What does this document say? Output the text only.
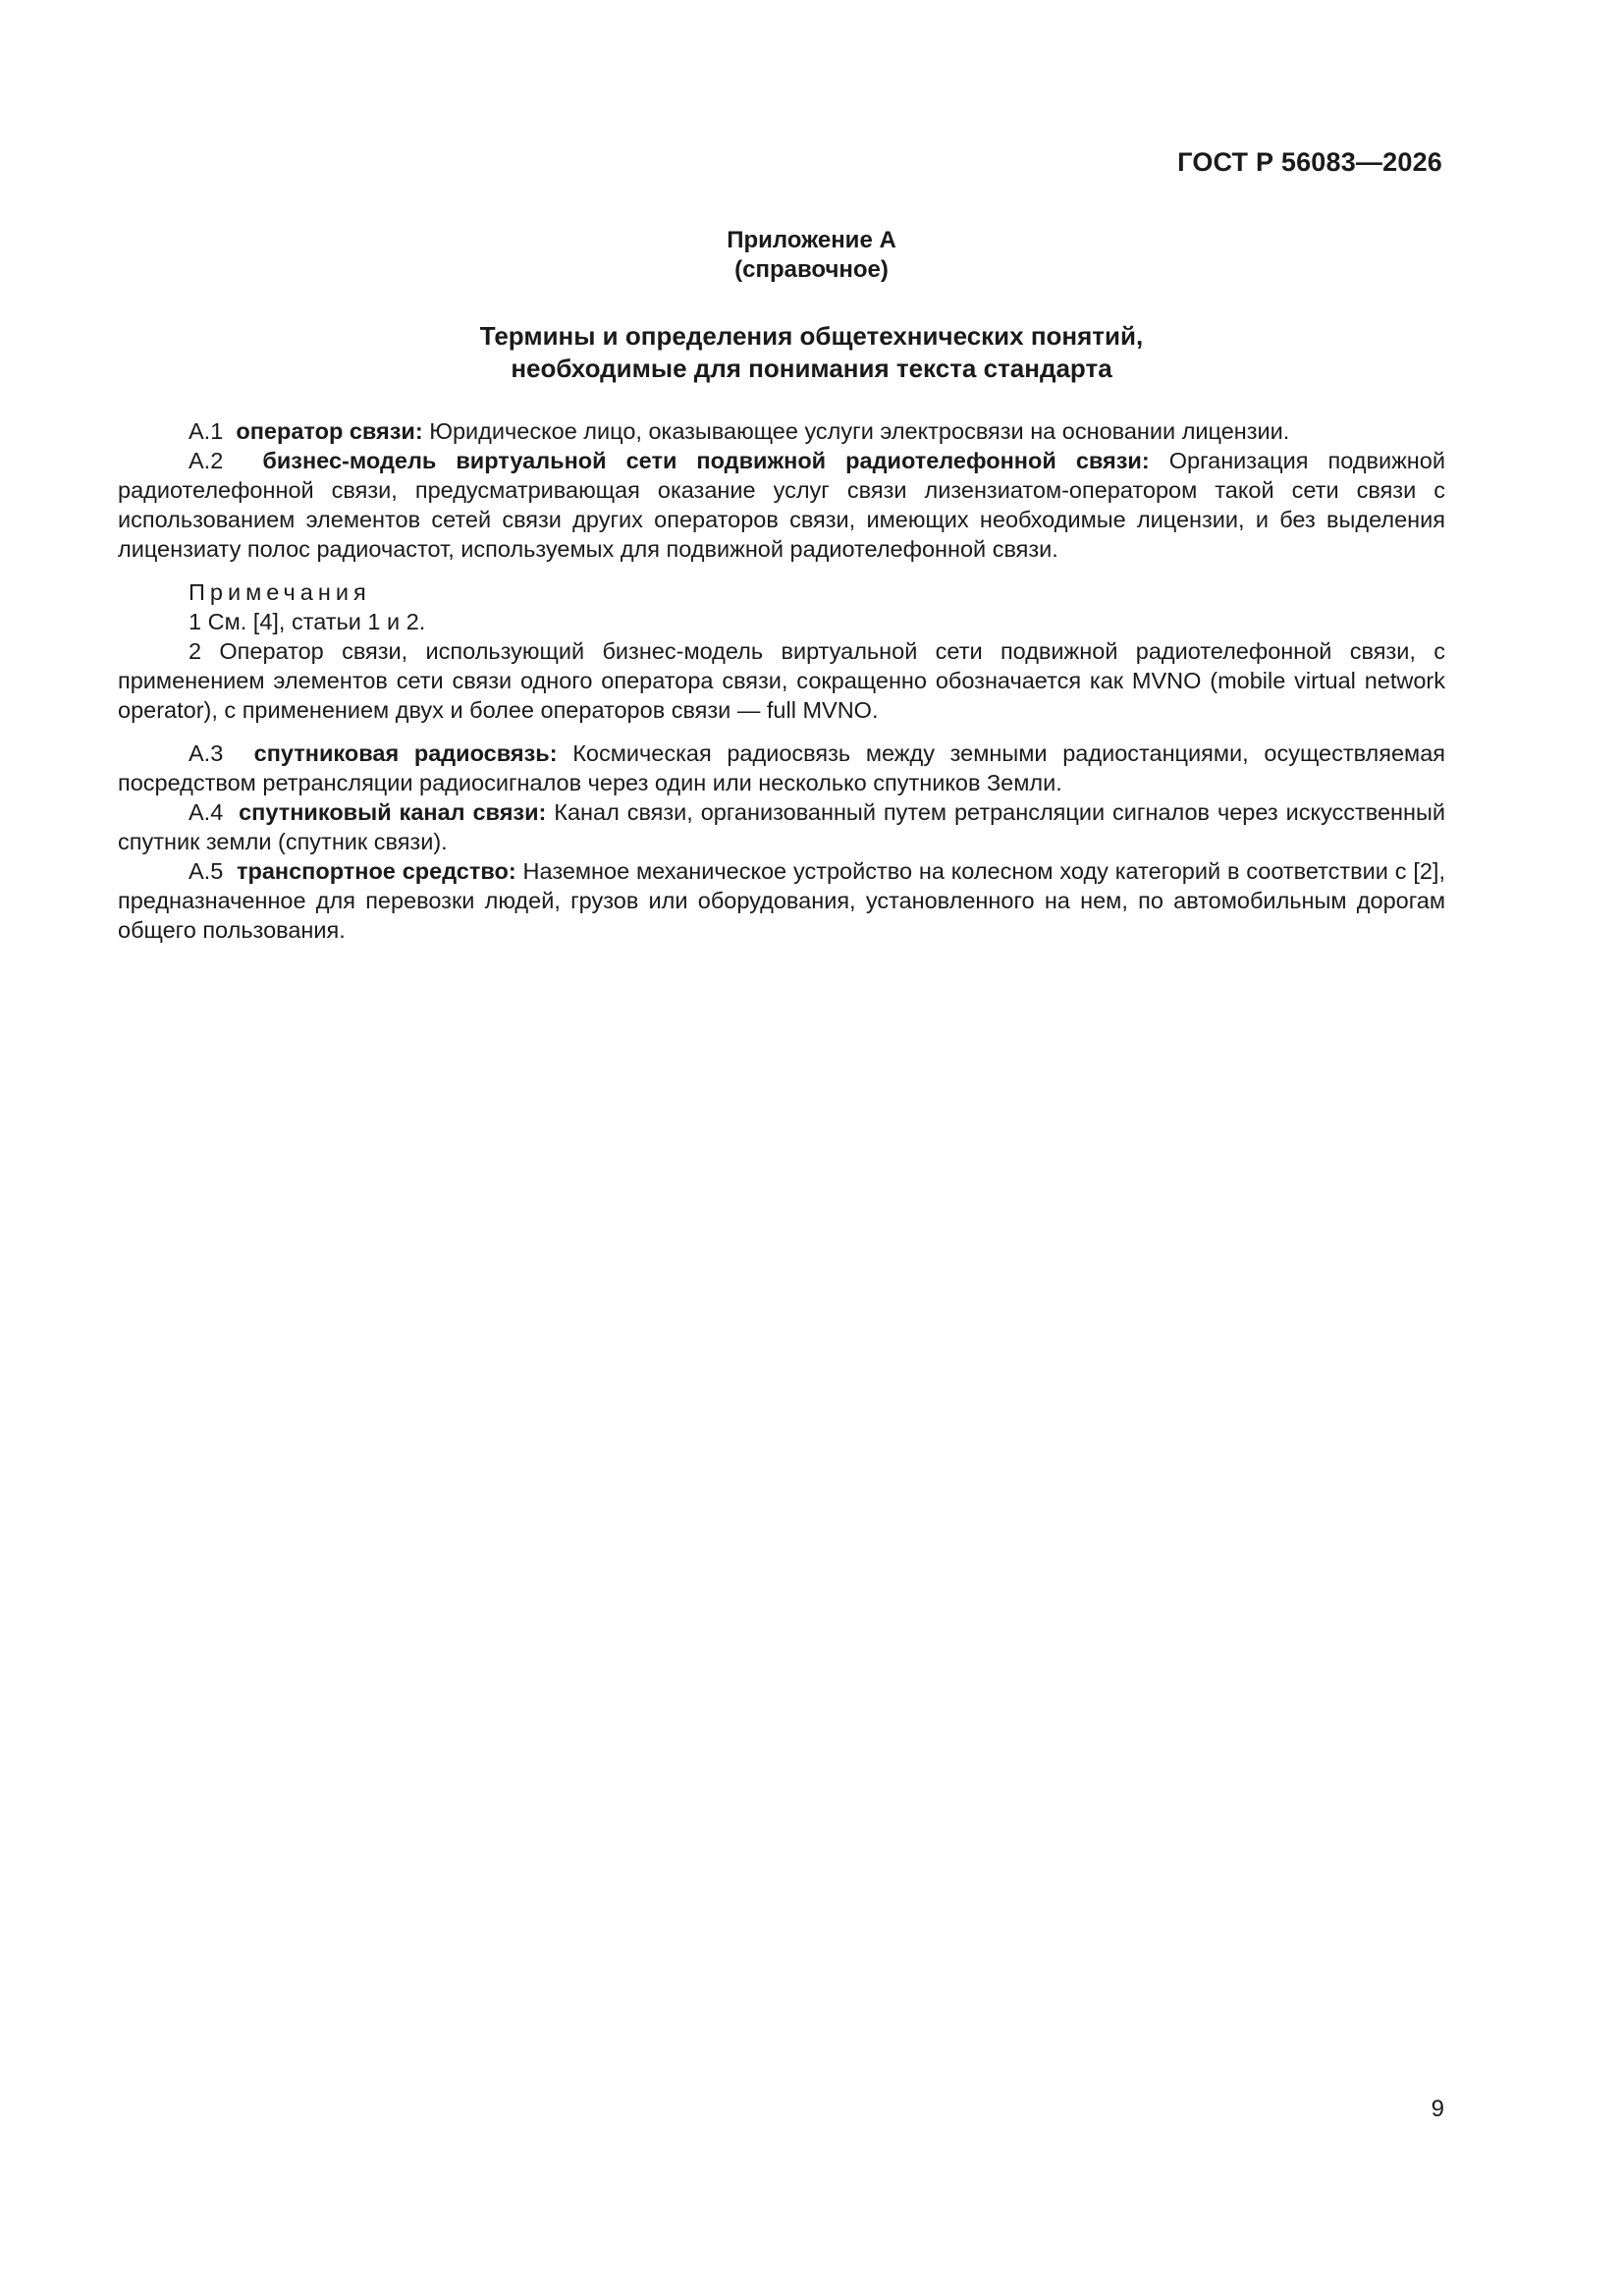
ГОСТ Р 56083—2026
Приложение А
(справочное)
Термины и определения общетехнических понятий,
необходимые для понимания текста стандарта

А.1 оператор связи: Юридическое лицо, оказывающее услуги электросвязи на основании лицензии.

А.2 бизнес-модель виртуальной сети подвижной радиотелефонной связи: Организация подвижной радиотелефонной связи, предусматривающая оказание услуг связи лизензиатом-оператором такой сети связи с использованием элементов сетей связи других операторов связи, имеющих необходимые лицензии, и без выделения лицензиату полос радиочастот, используемых для подвижной радиотелефонной связи.

Примечания

1 См. [4], статьи 1 и 2.

2 Оператор связи, использующий бизнес-модель виртуальной сети подвижной радиотелефонной связи, с применением элементов сети связи одного оператора связи, сокращенно обозначается как MVNO (mobile virtual network operator), с применением двух и более операторов связи — full MVNO.

А.3 спутниковая радиосвязь: Космическая радиосвязь между земными радиостанциями, осуществляемая посредством ретрансляции радиосигналов через один или несколько спутников Земли.

А.4 спутниковый канал связи: Канал связи, организованный путем ретрансляции сигналов через искусственный спутник земли (спутник связи).

А.5 транспортное средство: Наземное механическое устройство на колесном ходу категорий в соответствии с [2], предназначенное для перевозки людей, грузов или оборудования, установленного на нем, по автомобильным дорогам общего пользования.

9
